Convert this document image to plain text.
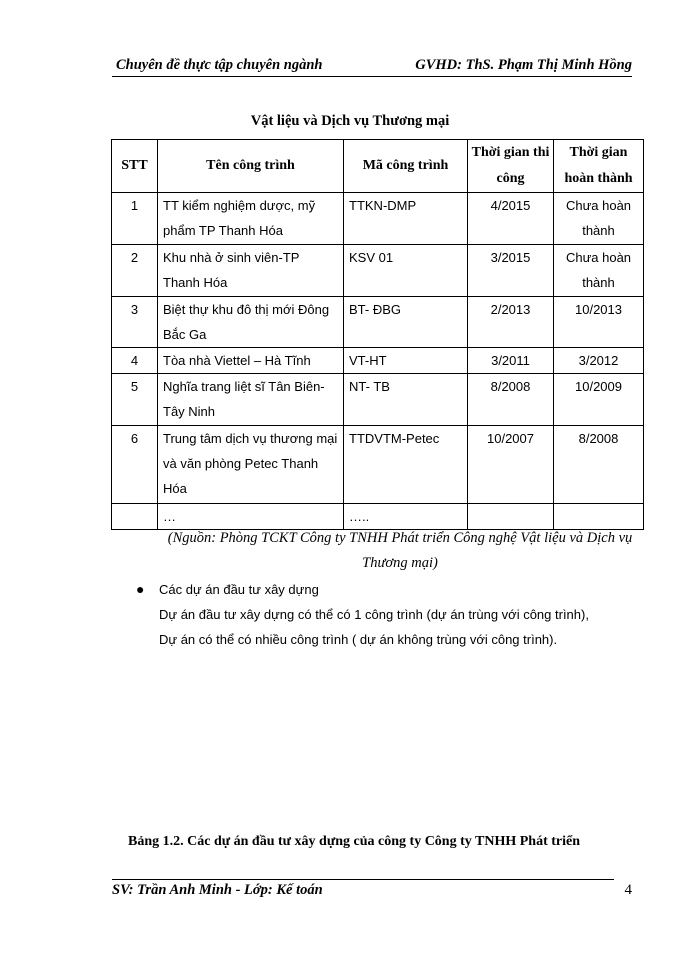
Chuyên đề thực tập chuyên ngành	GVHD: ThS. Phạm Thị Minh Hồng
Vật liệu và Dịch vụ Thương mại
STT	Tên công trình	Mã công trình	Thời gian thi công	Thời gian hoàn thành
1	TT kiểm nghiệm dược, mỹ phẩm TP Thanh Hóa	TTKN-DMP	4/2015	Chưa hoàn thành
2	Khu nhà ở sinh viên-TP Thanh Hóa	KSV 01	3/2015	Chưa hoàn thành
3	Biệt thự khu đô thị mới Đông Bắc Ga	BT- ĐBG	2/2013	10/2013
4	Tòa nhà Viettel – Hà Tĩnh	VT-HT	3/2011	3/2012
5	Nghĩa trang liệt sĩ Tân Biên-Tây Ninh	NT- TB	8/2008	10/2009
6	Trung tâm dịch vụ thương mại và văn phòng Petec Thanh Hóa	TTDVTM-Petec	10/2007	8/2008
	…	…..		
(Nguồn: Phòng TCKT Công ty TNHH Phát triển Công nghệ Vật liệu và Dịch vụ Thương mại)
● Các dự án đầu tư xây dựng
Dự án đầu tư xây dựng có thể có 1 công trình (dự án trùng với công trình),
Dự án có thể có nhiều công trình ( dự án không trùng với công trình).
Bảng 1.2. Các dự án đầu tư xây dựng của công ty Công ty TNHH Phát triển
SV: Trần Anh Minh - Lớp: Kế toán	4
